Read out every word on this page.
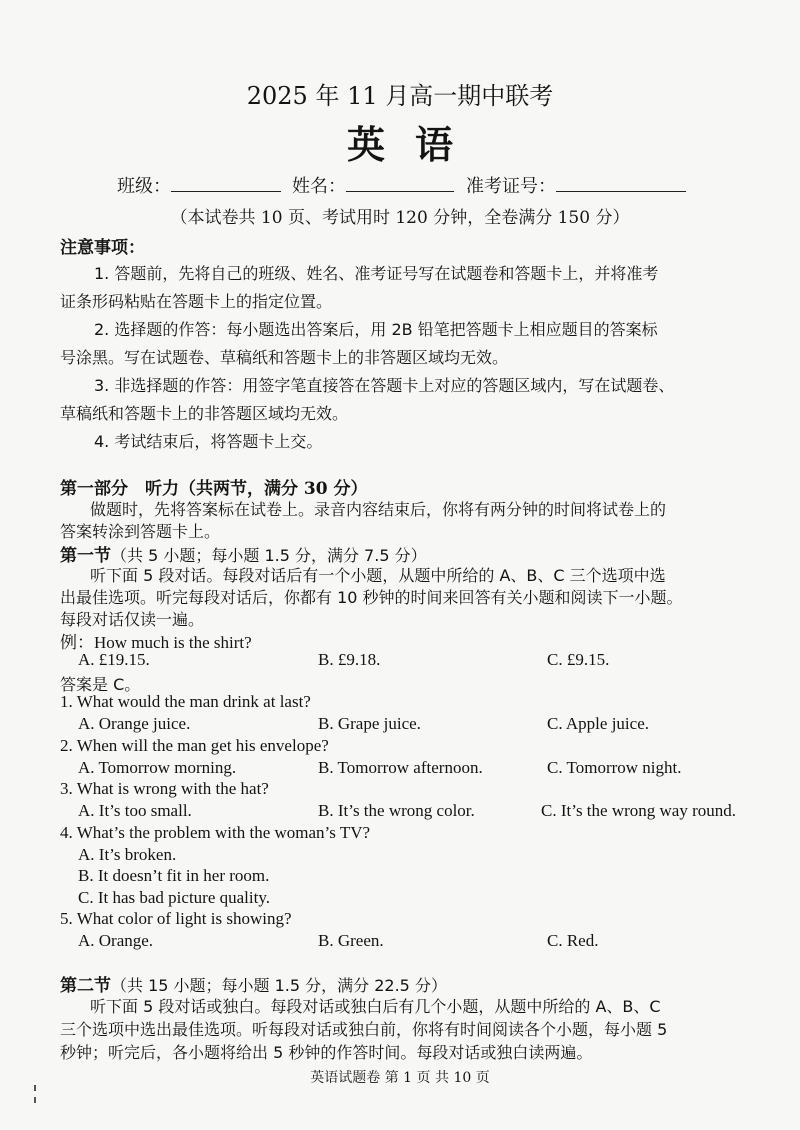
2025 年 11 月高一期中联考
英语
班级：	姓名：	准考证号：
（本试卷共 10 页、考试用时 120 分钟，全卷满分 150 分）
注意事项：
1. 答题前，先将自己的班级、姓名、准考证号写在试题卷和答题卡上，并将准考
证条形码粘贴在答题卡上的指定位置。
2. 选择题的作答：每小题选出答案后，用 2B 铅笔把答题卡上相应题目的答案标
号涂黑。写在试题卷、草稿纸和答题卡上的非答题区域均无效。
3. 非选择题的作答：用签字笔直接答在答题卡上对应的答题区域内，写在试题卷、
草稿纸和答题卡上的非答题区域均无效。
4. 考试结束后，将答题卡上交。
第一部分　听力（共两节，满分 30 分）
做题时，先将答案标在试卷上。录音内容结束后，你将有两分钟的时间将试卷上的
答案转涂到答题卡上。
第一节（共 5 小题；每小题 1.5 分，满分 7.5 分）
听下面 5 段对话。每段对话后有一个小题，从题中所给的 A、B、C 三个选项中选
出最佳选项。听完每段对话后，你都有 10 秒钟的时间来回答有关小题和阅读下一小题。
每段对话仅读一遍。
例：How much is the shirt?
A. £19.15.	B. £9.18.	C. £9.15.
答案是 C。
1. What would the man drink at last?
A. Orange juice.	B. Grape juice.	C. Apple juice.
2. When will the man get his envelope?
A. Tomorrow morning.	B. Tomorrow afternoon.	C. Tomorrow night.
3. What is wrong with the hat?
A. It’s too small.	B. It’s the wrong color.	C. It’s the wrong way round.
4. What’s the problem with the woman’s TV?
A. It’s broken.
B. It doesn’t fit in her room.
C. It has bad picture quality.
5. What color of light is showing?
A. Orange.	B. Green.	C. Red.
第二节（共 15 小题；每小题 1.5 分，满分 22.5 分）
听下面 5 段对话或独白。每段对话或独白后有几个小题，从题中所给的 A、B、C
三个选项中选出最佳选项。听每段对话或独白前，你将有时间阅读各个小题，每小题 5
秒钟；听完后，各小题将给出 5 秒钟的作答时间。每段对话或独白读两遍。
英语试题卷 第 1 页 共 10 页
